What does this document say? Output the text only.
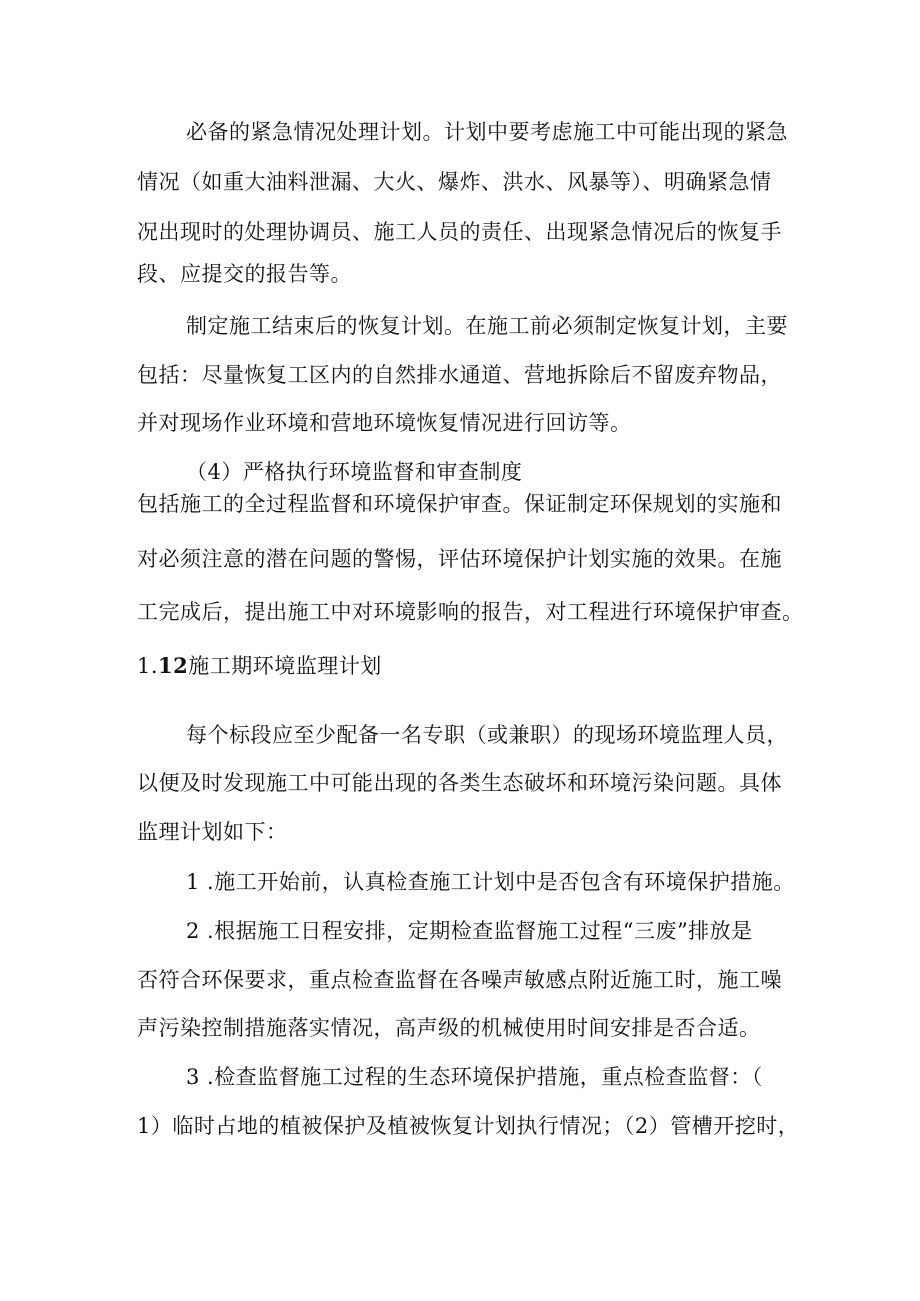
必备的紧急情况处理计划。计划中要考虑施工中可能出现的紧急
情况（如重大油料泄漏、大火、爆炸、洪水、风暴等）、明确紧急情
况出现时的处理协调员、施工人员的责任、出现紧急情况后的恢复手
段、应提交的报告等。
制定施工结束后的恢复计划。在施工前必须制定恢复计划，主要
包括：尽量恢复工区内的自然排水通道、营地拆除后不留废弃物品，
并对现场作业环境和营地环境恢复情况进行回访等。
（4）严格执行环境监督和审查制度
包括施工的全过程监督和环境保护审查。保证制定环保规划的实施和
对必须注意的潜在问题的警惕，评估环境保护计划实施的效果。在施
工完成后，提出施工中对环境影响的报告，对工程进行环境保护审查。
1.12施工期环境监理计划
每个标段应至少配备一名专职（或兼职）的现场环境监理人员，
以便及时发现施工中可能出现的各类生态破坏和环境污染问题。具体
监理计划如下：
1 .施工开始前，认真检查施工计划中是否包含有环境保护措施。
2 .根据施工日程安排，定期检查监督施工过程“三废”排放是
否符合环保要求，重点检查监督在各噪声敏感点附近施工时，施工噪
声污染控制措施落实情况，高声级的机械使用时间安排是否合适。
3 .检查监督施工过程的生态环境保护措施，重点检查监督：（
1）临时占地的植被保护及植被恢复计划执行情况；（2）管槽开挖时，
